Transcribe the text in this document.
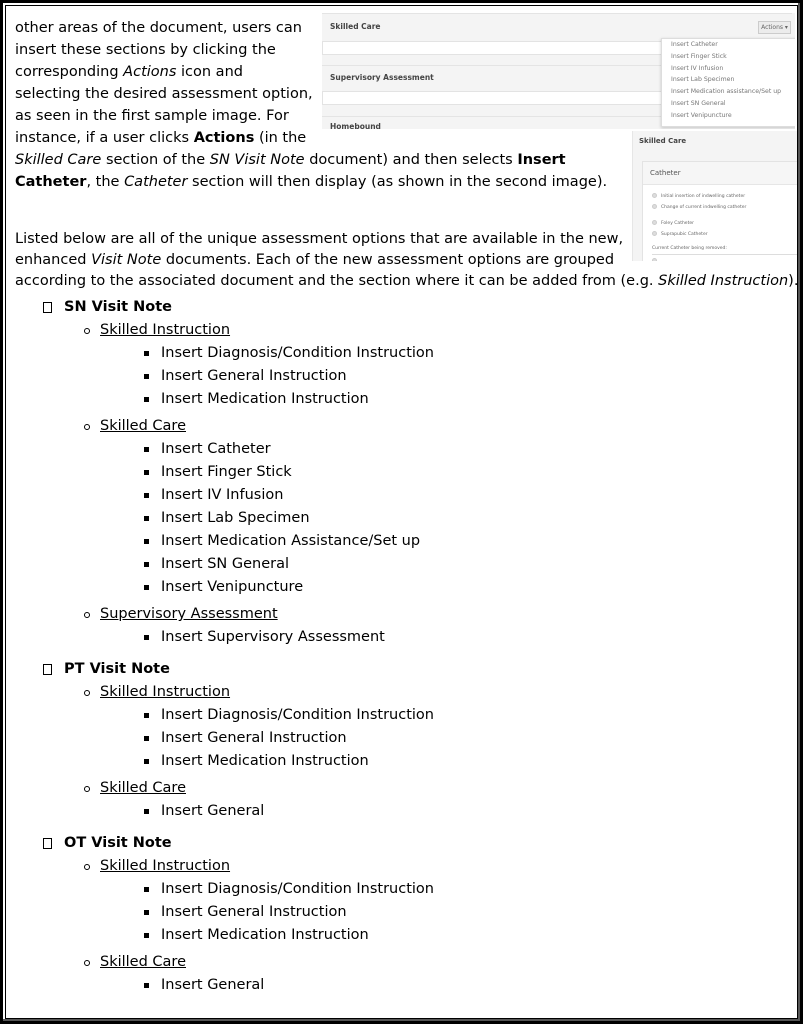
other areas of the document, users can
insert these sections by clicking the
corresponding Actions icon and
selecting the desired assessment option,
as seen in the first sample image. For
instance, if a user clicks Actions (in the
Skilled Care section of the SN Visit Note document) and then selects Insert
Catheter, the Catheter section will then display (as shown in the second image).
Listed below are all of the unique assessment options that are available in the new,
enhanced Visit Note documents. Each of the new assessment options are grouped
according to the associated document and the section where it can be added from (e.g. Skilled Instruction).
Skilled Care	Actions ▾
Supervisory Assessment
Homebound
Insert Catheter
Insert Finger Stick
Insert IV Infusion
Insert Lab Specimen
Insert Medication assistance/Set up
Insert SN General
Insert Venipuncture
Skilled Care
Catheter
Initial insertion of indwelling catheter
Change of current indwelling catheter
Foley Catheter
Suprapubic Catheter
Current Catheter being removed:
SN Visit Note
Skilled Instruction
Insert Diagnosis/Condition Instruction
Insert General Instruction
Insert Medication Instruction
Skilled Care
Insert Catheter
Insert Finger Stick
Insert IV Infusion
Insert Lab Specimen
Insert Medication Assistance/Set up
Insert SN General
Insert Venipuncture
Supervisory Assessment
Insert Supervisory Assessment
PT Visit Note
Skilled Instruction
Insert Diagnosis/Condition Instruction
Insert General Instruction
Insert Medication Instruction
Skilled Care
Insert General
OT Visit Note
Skilled Instruction
Insert Diagnosis/Condition Instruction
Insert General Instruction
Insert Medication Instruction
Skilled Care
Insert General
